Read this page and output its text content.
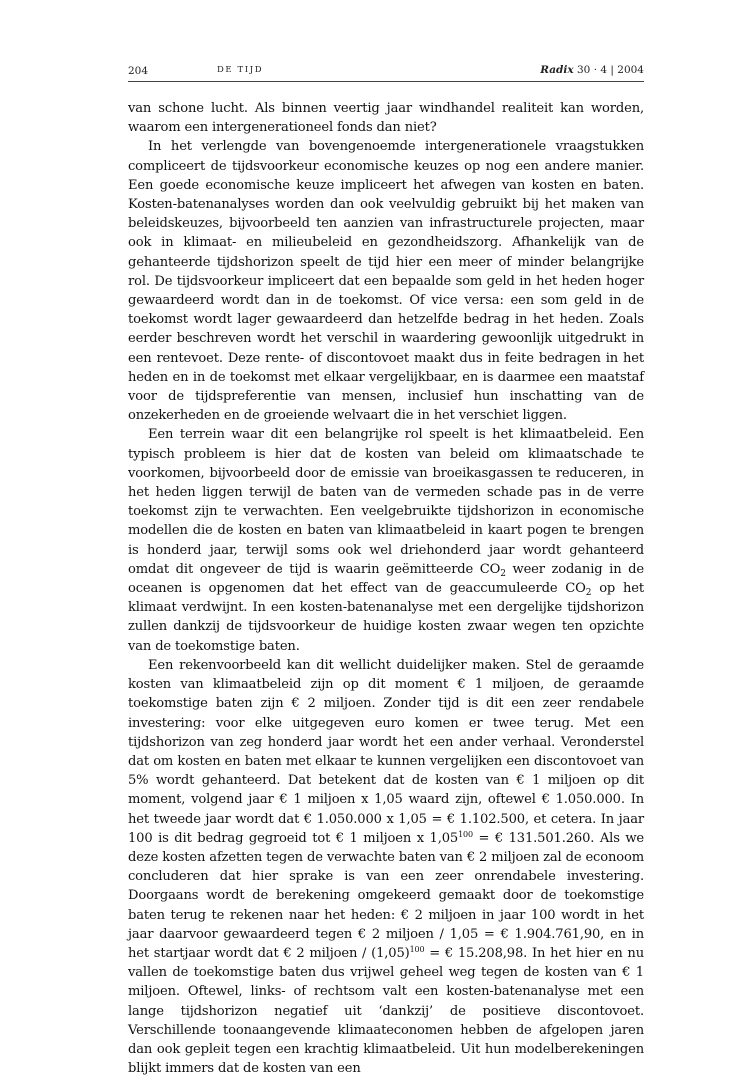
204	DE TIJD	Radix 30 · 4 | 2004

van schone lucht. Als binnen veertig jaar windhandel realiteit kan worden, waarom een intergenerationeel fonds dan niet?

In het verlengde van bovengenoemde intergenerationele vraagstukken compliceert de tijdsvoorkeur economische keuzes op nog een andere manier. Een goede economische keuze impliceert het afwegen van kosten en baten. Kosten-batenanalyses worden dan ook veelvuldig gebruikt bij het maken van beleidskeuzes, bijvoorbeeld ten aanzien van infrastructurele projecten, maar ook in klimaat- en milieubeleid en gezondheidszorg. Afhankelijk van de gehanteerde tijdshorizon speelt de tijd hier een meer of minder belangrijke rol. De tijdsvoorkeur impliceert dat een bepaalde som geld in het heden hoger gewaardeerd wordt dan in de toekomst. Of vice versa: een som geld in de toekomst wordt lager gewaardeerd dan hetzelfde bedrag in het heden. Zoals eerder beschreven wordt het verschil in waardering gewoonlijk uitgedrukt in een rentevoet. Deze rente- of discontovoet maakt dus in feite bedragen in het heden en in de toekomst met elkaar vergelijkbaar, en is daarmee een maatstaf voor de tijdspreferentie van mensen, inclusief hun inschatting van de onzekerheden en de groeiende welvaart die in het verschiet liggen.

Een terrein waar dit een belangrijke rol speelt is het klimaatbeleid. Een typisch probleem is hier dat de kosten van beleid om klimaatschade te voorkomen, bijvoorbeeld door de emissie van broeikasgassen te reduceren, in het heden liggen terwijl de baten van de vermeden schade pas in de verre toekomst zijn te verwachten. Een veelgebruikte tijdshorizon in economische modellen die de kosten en baten van klimaatbeleid in kaart pogen te brengen is honderd jaar, terwijl soms ook wel driehonderd jaar wordt gehanteerd omdat dit ongeveer de tijd is waarin geëmitteerde $CO_2$ weer zodanig in de oceanen is opgenomen dat het effect van de geaccumuleerde $CO_2$ op het klimaat verdwijnt. In een kosten-batenanalyse met een dergelijke tijdshorizon zullen dankzij de tijdsvoorkeur de huidige kosten zwaar wegen ten opzichte van de toekomstige baten.

Een rekenvoorbeeld kan dit wellicht duidelijker maken. Stel de geraamde kosten van klimaatbeleid zijn op dit moment € 1 miljoen, de geraamde toekomstige baten zijn € 2 miljoen. Zonder tijd is dit een zeer rendabele investering: voor elke uitgegeven euro komen er twee terug. Met een tijdshorizon van zeg honderd jaar wordt het een ander verhaal. Veronderstel dat om kosten en baten met elkaar te kunnen vergelijken een discontovoet van 5% wordt gehanteerd. Dat betekent dat de kosten van € 1 miljoen op dit moment, volgend jaar € 1 miljoen x 1,05 waard zijn, oftewel € 1.050.000. In het tweede jaar wordt dat € 1.050.000 x 1,05 = € 1.102.500, et cetera. In jaar 100 is dit bedrag gegroeid tot € 1 miljoen x $1,05^{100}$ = € 131.501.260. Als we deze kosten afzetten tegen de verwachte baten van € 2 miljoen zal de econoom concluderen dat hier sprake is van een zeer onrendabele investering. Doorgaans wordt de berekening omgekeerd gemaakt door de toekomstige baten terug te rekenen naar het heden: € 2 miljoen in jaar 100 wordt in het jaar daarvoor gewaardeerd tegen € 2 miljoen / 1,05 = € 1.904.761,90, en in het startjaar wordt dat € 2 miljoen / $(1,05)^{100}$ = € 15.208,98. In het hier en nu vallen de toekomstige baten dus vrijwel geheel weg tegen de kosten van € 1 miljoen. Oftewel, links- of rechtsom valt een kosten-batenanalyse met een lange tijdshorizon negatief uit ‘dankzij’ de positieve discontovoet. Verschillende toonaangevende klimaateconomen hebben de afgelopen jaren dan ook gepleit tegen een krachtig klimaatbeleid. Uit hun modelberekeningen blijkt immers dat de kosten van een
